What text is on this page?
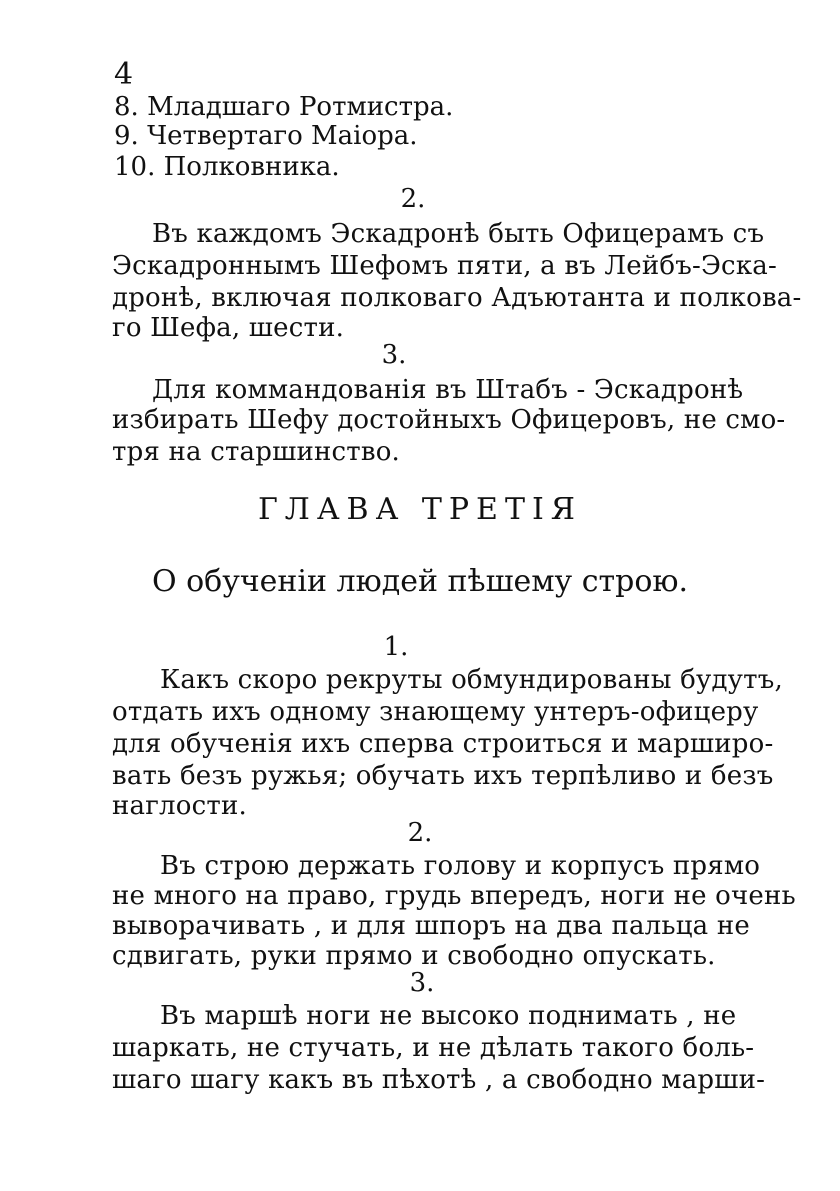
4
8. Младшаго Ротмистра.
9. Четвертаго Маіора.
10. Полковника.
2.
Въ каждомъ Эскадронѣ быть Офицерамъ съ
Эскадроннымъ Шефомъ пяти, а въ Лейбъ-Эска-
дронѣ, включая полковаго Адъютанта и полкова-
го Шефа, шести.
3.
Для коммандованія въ Штабъ - Эскадронѣ
избирать Шефу достойныхъ Офицеровъ, не смо-
тря на старшинство.
ГЛАВА ТРЕТІЯ
О обученіи людей пѣшему строю.
1.
Какъ скоро рекруты обмундированы будутъ,
отдать ихъ одному знающему унтеръ-офицеру
для обученія ихъ сперва строиться и марширо-
вать безъ ружья; обучать ихъ терпѣливо и безъ
наглости.
2.
Въ строю держать голову и корпусъ прямо
не много на право, грудь впередъ, ноги не очень
выворачивать , и для шпоръ на два пальца не
сдвигать, руки прямо и свободно опускать.
3.
Въ маршѣ ноги не высоко поднимать , не
шаркать, не стучать, и не дѣлать такого боль-
шаго шагу какъ въ пѣхотѣ , а свободно марши-
